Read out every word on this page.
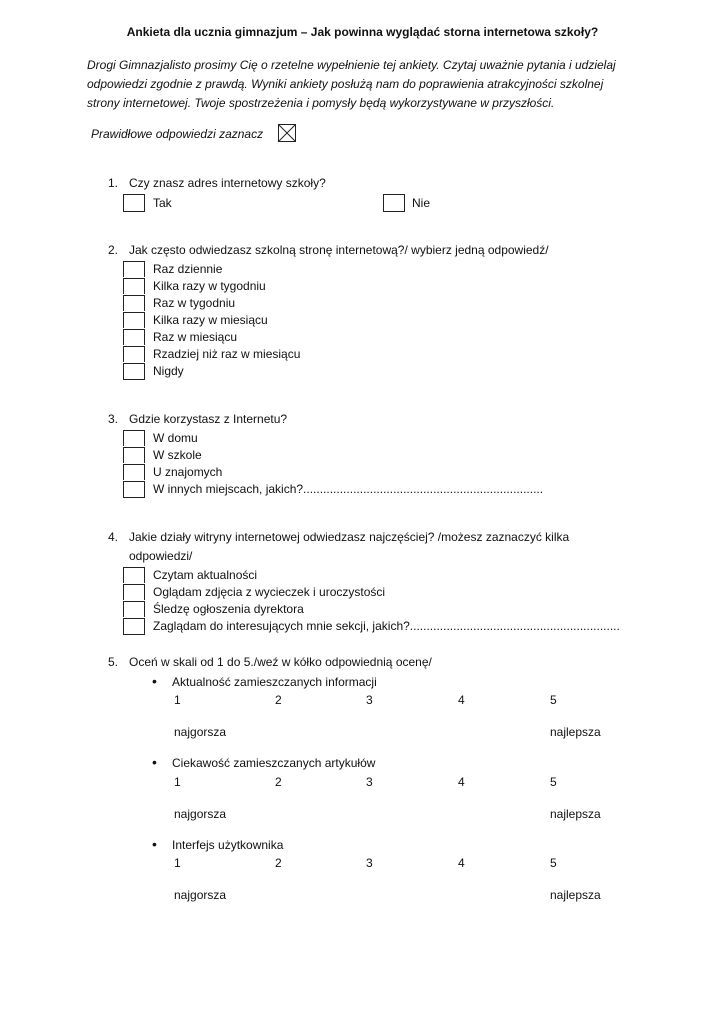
Ankieta dla ucznia gimnazjum – Jak powinna wyglądać storna internetowa szkoły?
Drogi Gimnazjalisto prosimy Cię o rzetelne wypełnienie tej ankiety. Czytaj uważnie pytania i udzielaj
odpowiedzi zgodnie z prawdą. Wyniki ankiety posłużą nam do poprawienia atrakcyjności szkolnej
strony internetowej. Twoje spostrzeżenia i pomysły będą wykorzystywane w przyszłości.
Prawidłowe odpowiedzi zaznacz
1. Czy znasz adres internetowy szkoły?
Tak	Nie
2. Jak często odwiedzasz szkolną stronę internetową?/ wybierz jedną odpowiedź/
Raz dziennie
Kilka razy w tygodniu
Raz w tygodniu
Kilka razy w miesiącu
Raz w miesiącu
Rzadziej niż raz w miesiącu
Nigdy
3. Gdzie korzystasz z Internetu?
W domu
W szkole
U znajomych
W innych miejscach, jakich?........................................................................
4. Jakie działy witryny internetowej odwiedzasz najczęściej? /możesz zaznaczyć kilka
odpowiedzi/
Czytam aktualności
Oglądam zdjęcia z wycieczek i uroczystości
Śledzę ogłoszenia dyrektora
Zaglądam do interesujących mnie sekcji, jakich?...............................................................
5. Oceń w skali od 1 do 5./weź w kółko odpowiednią ocenę/
• Aktualność zamieszczanych informacji
1	2	3	4	5
najgorsza	najlepsza
• Ciekawość zamieszczanych artykułów
1	2	3	4	5
najgorsza	najlepsza
• Interfejs użytkownika
1	2	3	4	5
najgorsza	najlepsza
